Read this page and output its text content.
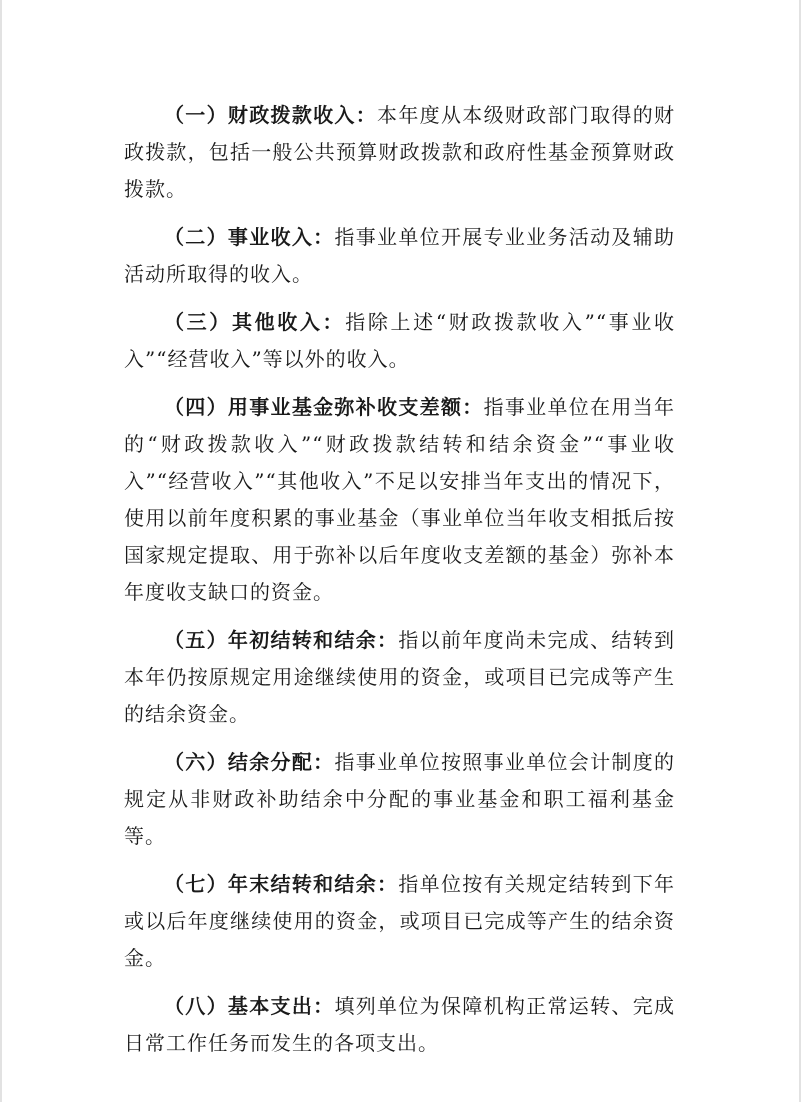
（一）财政拨款收入：本年度从本级财政部门取得的财政拨款，包括一般公共预算财政拨款和政府性基金预算财政拨款。

（二）事业收入：指事业单位开展专业业务活动及辅助活动所取得的收入。

（三）其他收入：指除上述“财政拨款收入”“事业收入”“经营收入”等以外的收入。

（四）用事业基金弥补收支差额：指事业单位在用当年的“财政拨款收入”“财政拨款结转和结余资金”“事业收入”“经营收入”“其他收入”不足以安排当年支出的情况下，使用以前年度积累的事业基金（事业单位当年收支相抵后按国家规定提取、用于弥补以后年度收支差额的基金）弥补本年度收支缺口的资金。

（五）年初结转和结余：指以前年度尚未完成、结转到本年仍按原规定用途继续使用的资金，或项目已完成等产生的结余资金。

（六）结余分配：指事业单位按照事业单位会计制度的规定从非财政补助结余中分配的事业基金和职工福利基金等。

（七）年末结转和结余：指单位按有关规定结转到下年或以后年度继续使用的资金，或项目已完成等产生的结余资金。

（八）基本支出：填列单位为保障机构正常运转、完成日常工作任务而发生的各项支出。
